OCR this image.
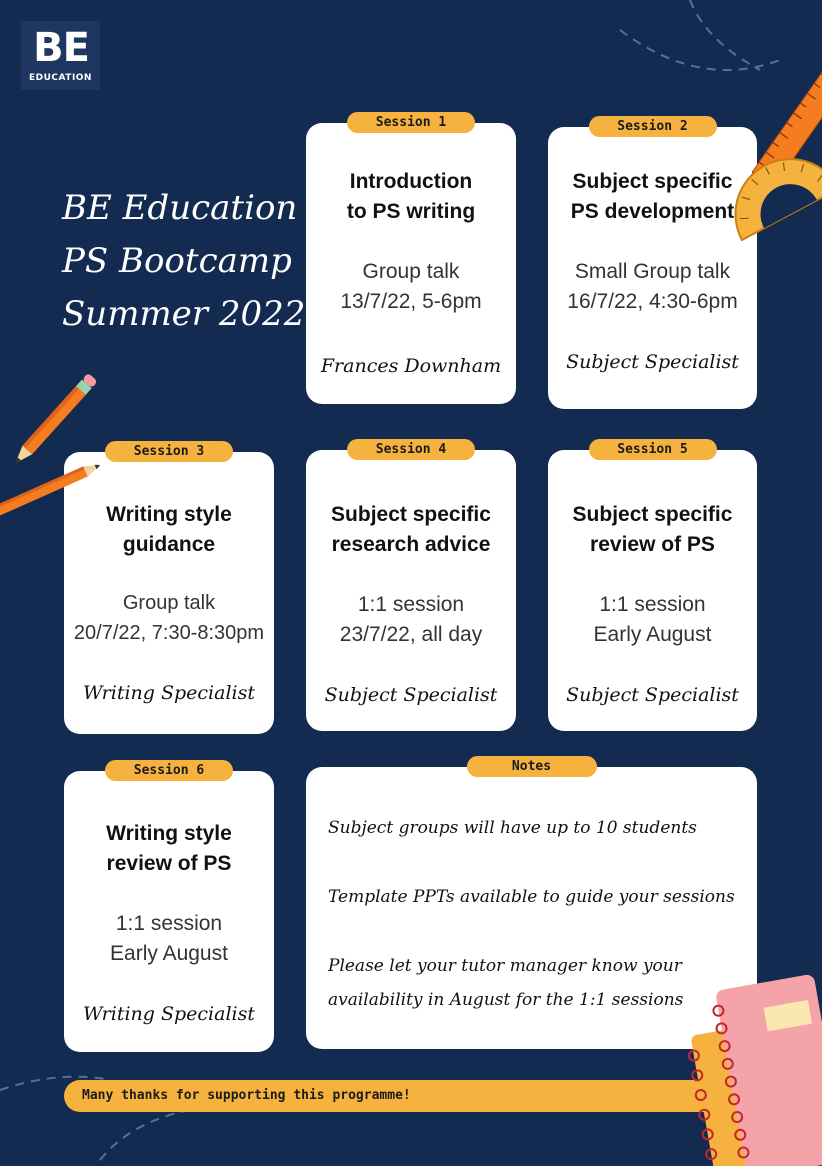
BE
EDUCATION
BE Education
PS Bootcamp
Summer 2022
Session 1
Introduction
to PS writing
Group talk
13/7/22, 5-6pm
Frances Downham
Session 2
Subject specific
PS development
Small Group talk
16/7/22, 4:30-6pm
Subject Specialist
Session 3
Writing style
guidance
Group talk
20/7/22, 7:30-8:30pm
Writing Specialist
Session 4
Subject specific
research advice
1:1 session
23/7/22, all day
Subject Specialist
Session 5
Subject specific
review of PS
1:1 session
Early August
Subject Specialist
Session 6
Writing style
review of PS
1:1 session
Early August
Writing Specialist
Notes
Subject groups will have up to 10 students
Template PPTs available to guide your sessions
Please let your tutor manager know your
availability in August for the 1:1 sessions
Many thanks for supporting this programme!
